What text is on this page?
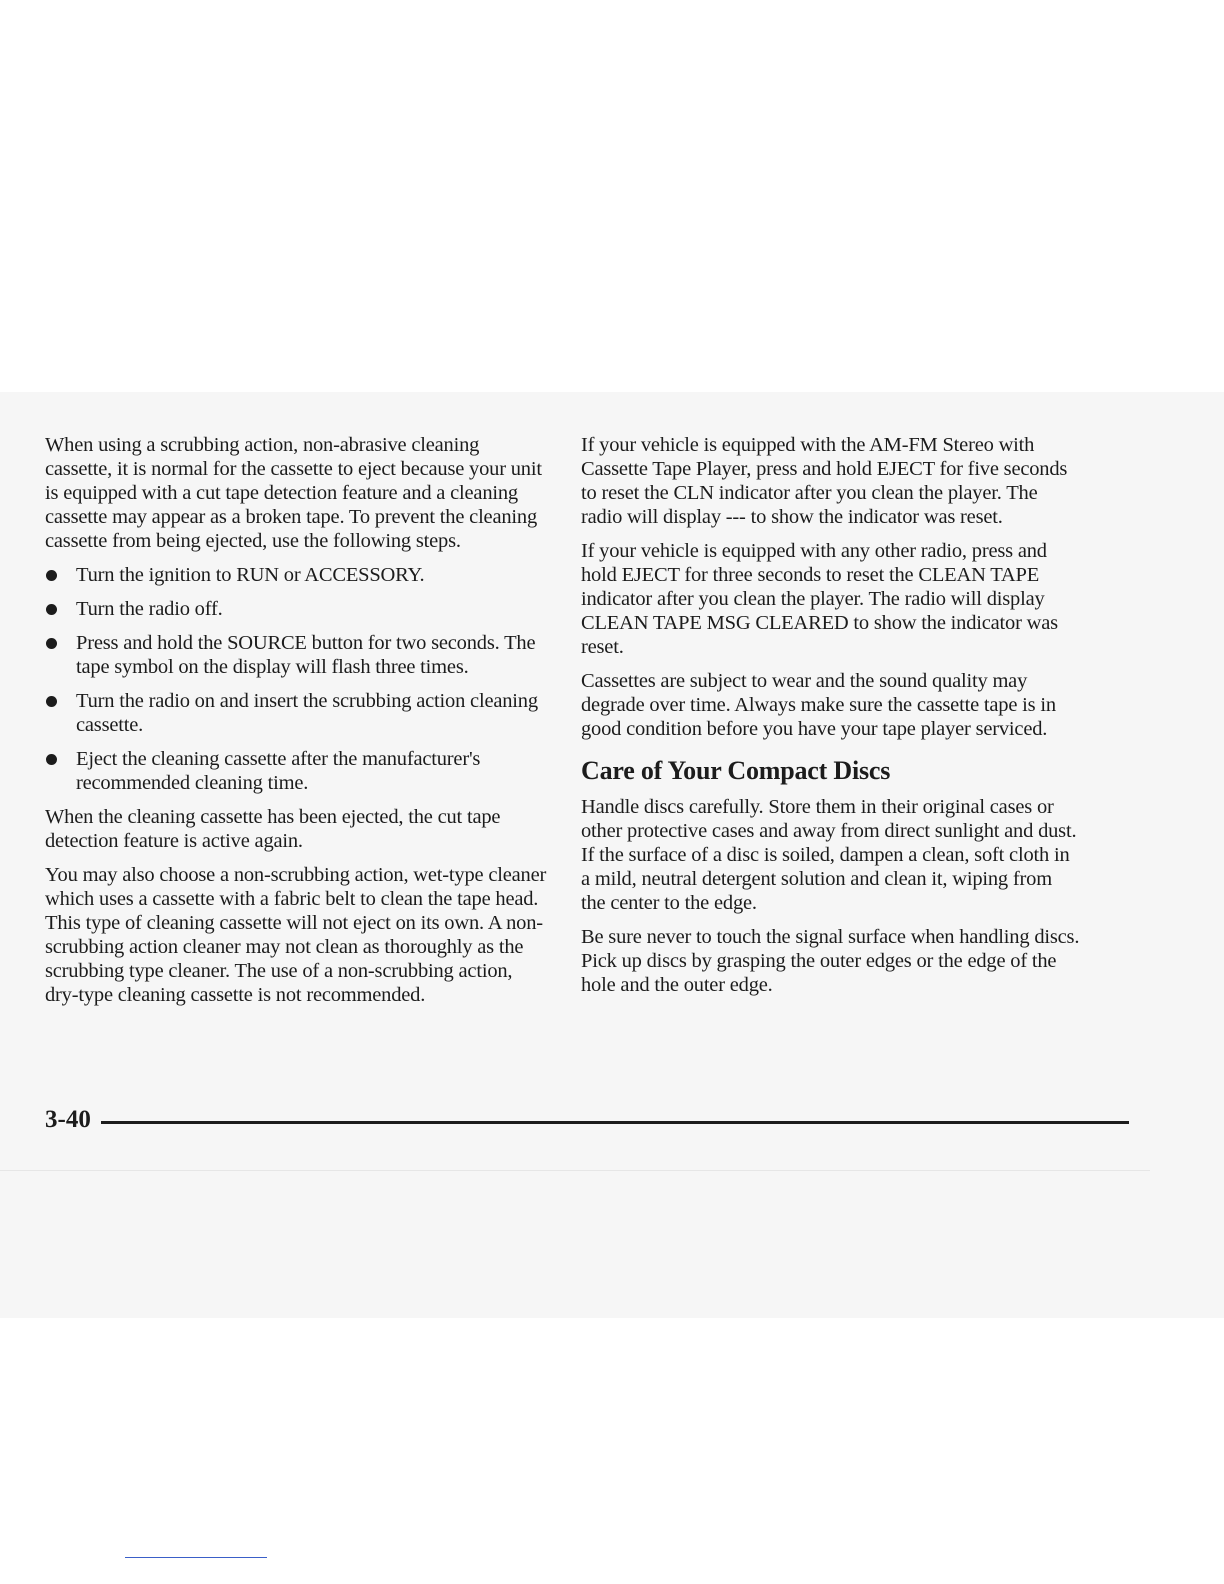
When using a scrubbing action, non-abrasive cleaning cassette, it is normal for the cassette to eject because your unit is equipped with a cut tape detection feature and a cleaning cassette may appear as a broken tape. To prevent the cleaning cassette from being ejected, use the following steps.

Turn the ignition to RUN or ACCESSORY.
Turn the radio off.
Press and hold the SOURCE button for two seconds. The tape symbol on the display will flash three times.
Turn the radio on and insert the scrubbing action cleaning cassette.
Eject the cleaning cassette after the manufacturer's recommended cleaning time.

When the cleaning cassette has been ejected, the cut tape detection feature is active again.

You may also choose a non-scrubbing action, wet-type cleaner which uses a cassette with a fabric belt to clean the tape head. This type of cleaning cassette will not eject on its own. A non-scrubbing action cleaner may not clean as thoroughly as the scrubbing type cleaner. The use of a non-scrubbing action, dry-type cleaning cassette is not recommended.

If your vehicle is equipped with the AM-FM Stereo with Cassette Tape Player, press and hold EJECT for five seconds to reset the CLN indicator after you clean the player. The radio will display --- to show the indicator was reset.

If your vehicle is equipped with any other radio, press and hold EJECT for three seconds to reset the CLEAN TAPE indicator after you clean the player. The radio will display CLEAN TAPE MSG CLEARED to show the indicator was reset.

Cassettes are subject to wear and the sound quality may degrade over time. Always make sure the cassette tape is in good condition before you have your tape player serviced.

Care of Your Compact Discs

Handle discs carefully. Store them in their original cases or other protective cases and away from direct sunlight and dust. If the surface of a disc is soiled, dampen a clean, soft cloth in a mild, neutral detergent solution and clean it, wiping from the center to the edge.

Be sure never to touch the signal surface when handling discs. Pick up discs by grasping the outer edges or the edge of the hole and the outer edge.

3-40
